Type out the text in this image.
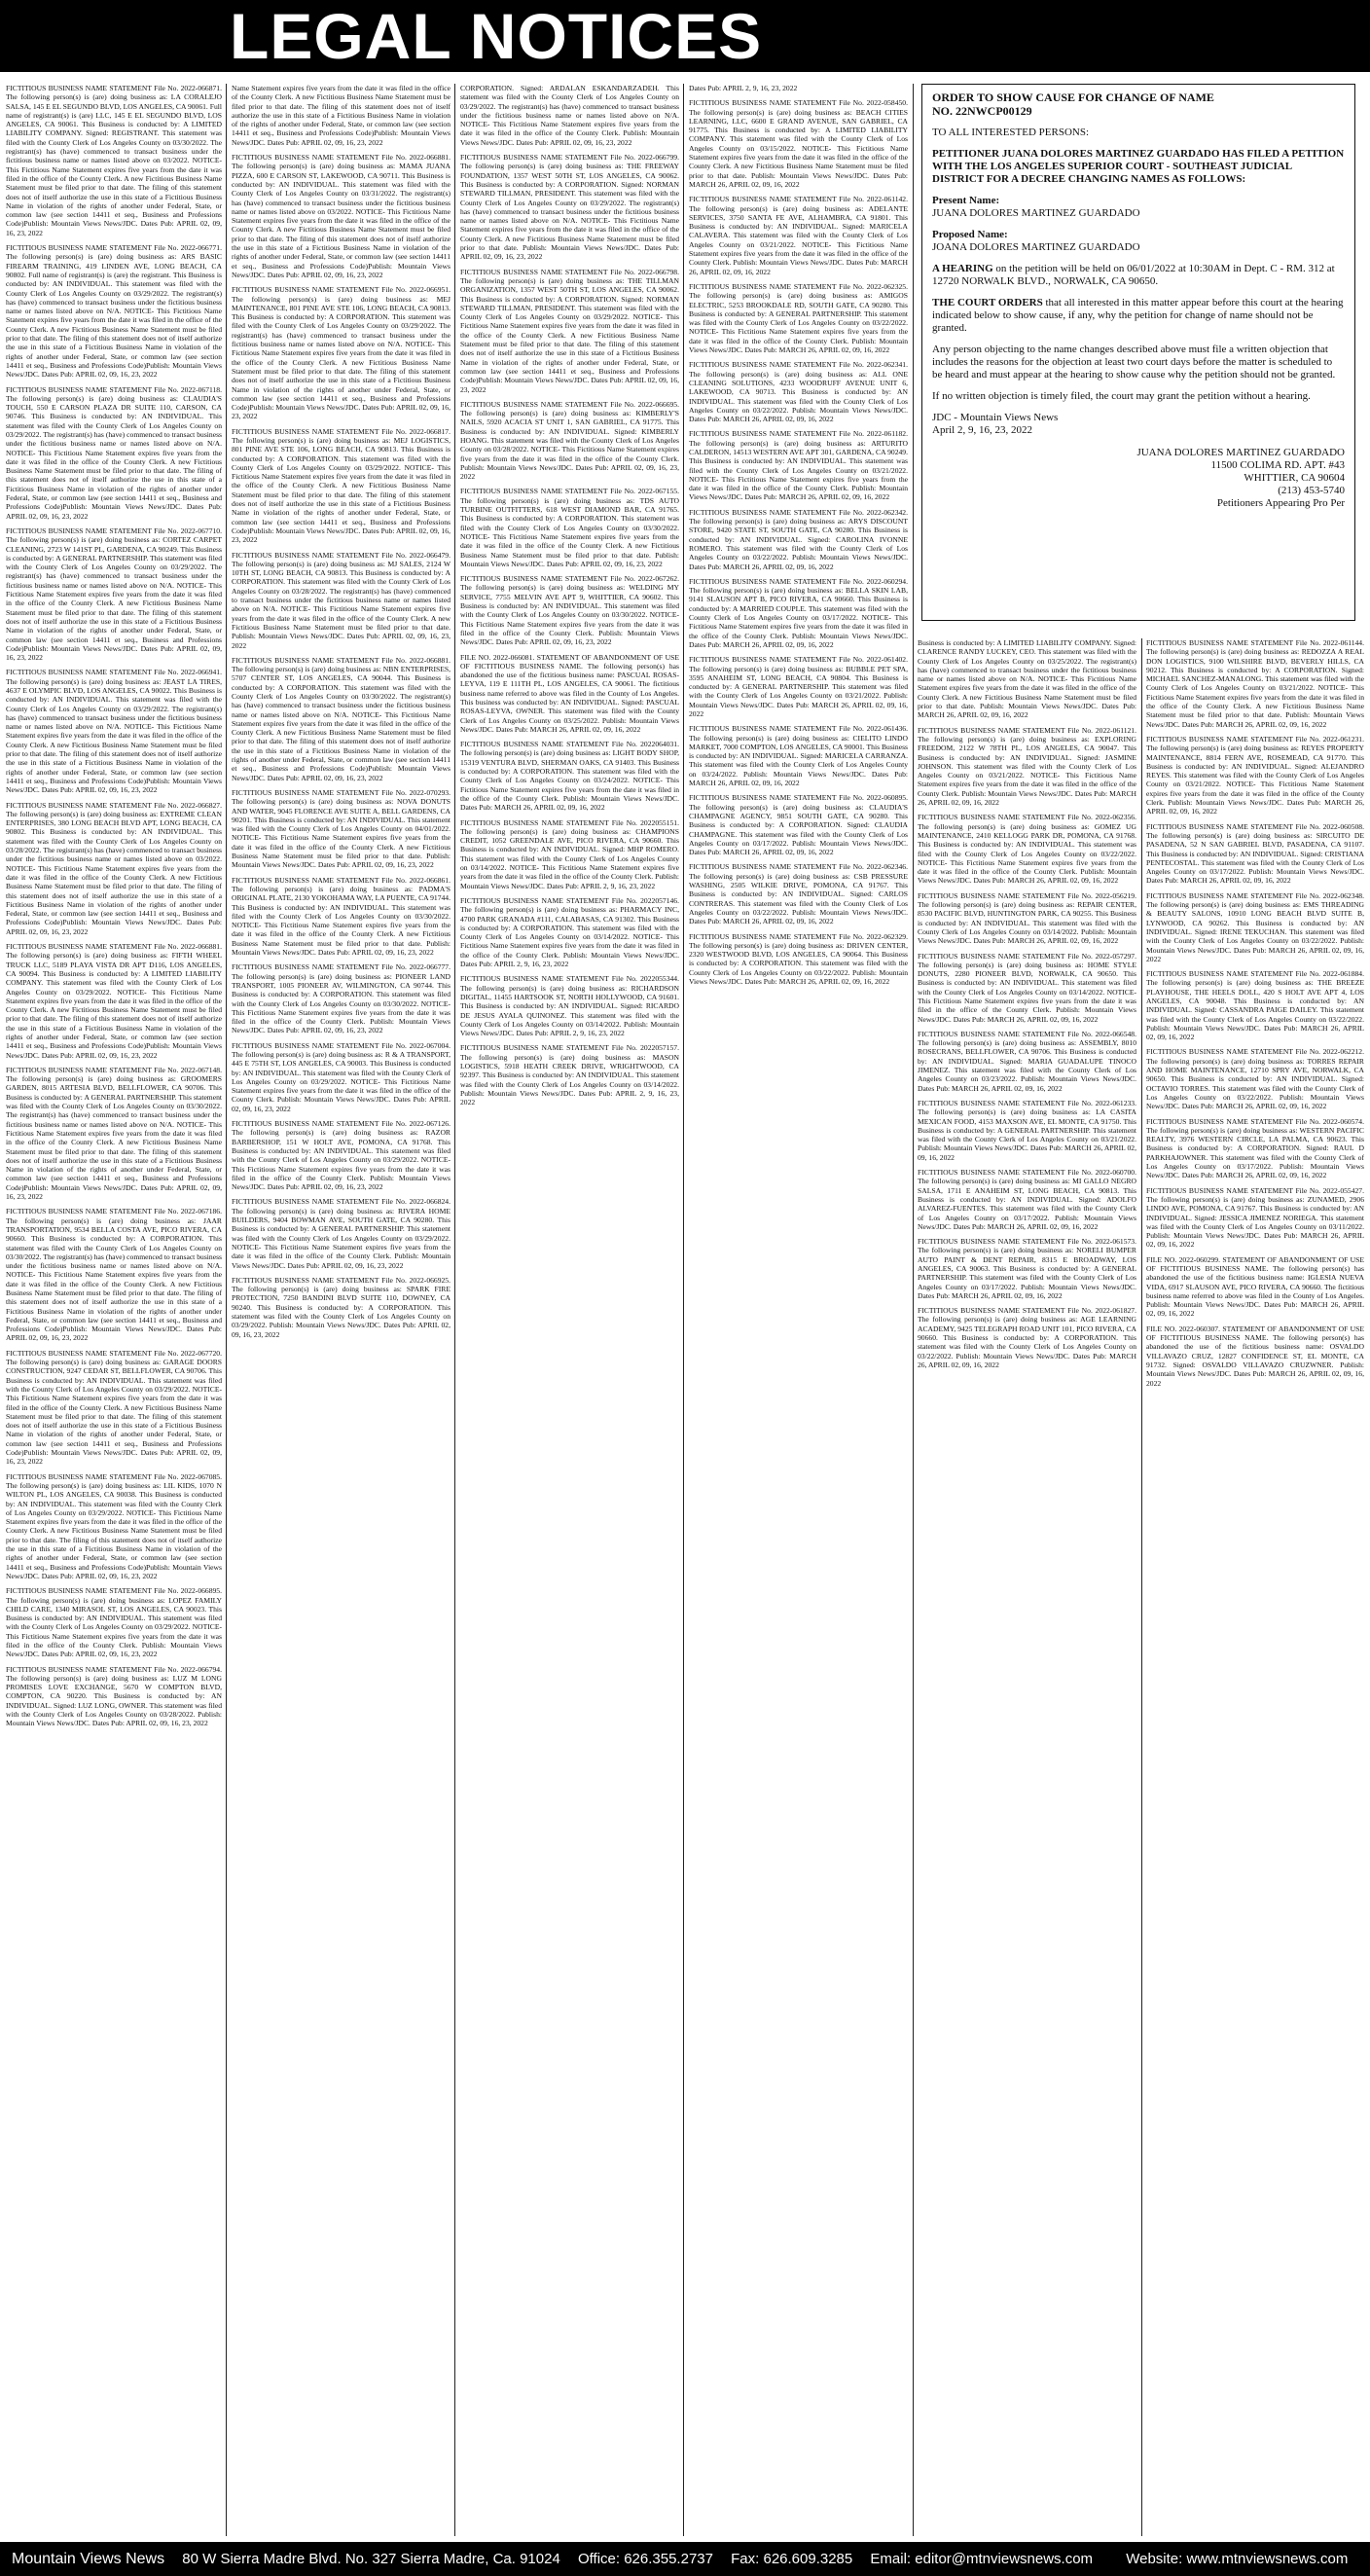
LEGAL NOTICES

FICTITIOUS BUSINESS NAME STATEMENT File No. 2022-066871. The following person(s) is (are) doing business as: LA CORALEJO SALSA, 145 E EL SEGUNDO BLVD, LOS ANGELES, CA 90061. Full name of registrant(s) is (are) LLC, 145 E EL SEGUNDO BLVD, LOS ANGELES, CA 90061. This Business is conducted by: A LIMITED LIABILITY COMPANY. Signed: REGISTRANT. This statement was filed with the County Clerk of Los Angeles County on 03/30/2022. The registrant(s) has (have) commenced to transact business under the fictitious business name or names listed above on 03/2022. NOTICE- This Fictitious Name Statement expires five years from the date it was filed in the office of the County Clerk. A new Fictitious Business Name Statement must be filed prior to that date. The filing of this statement does not of itself authorize the use in this state of a Fictitious Business Name in violation of the rights of another under Federal, State, or common law (see section 14411 et seq., Business and Professions Code)Publish: Mountain Views News/JDC. Dates Pub: APRIL 02, 09, 16, 23, 2022

FICTITIOUS BUSINESS NAME STATEMENT File No. 2022-066771. The following person(s) is (are) doing business as: ARS BASIC FIREARM TRAINING, 419 LINDEN AVE, LONG BEACH, CA 90802. Full name of registrant(s) is (are) the registrant. This Business is conducted by: AN INDIVIDUAL. This statement was filed with the County Clerk of Los Angeles County on 03/29/2022. The registrant(s) has (have) commenced to transact business under the fictitious business name or names listed above on N/A. NOTICE- This Fictitious Name Statement expires five years from the date it was filed in the office of the County Clerk. A new Fictitious Business Name Statement must be filed prior to that date. The filing of this statement does not of itself authorize the use in this state of a Fictitious Business Name in violation of the rights of another under Federal, State, or common law (see section 14411 et seq., Business and Professions Code)Publish: Mountain Views News/JDC. Dates Pub: APRIL 02, 09, 16, 23, 2022

FICTITIOUS BUSINESS NAME STATEMENT File No. 2022-067118. The following person(s) is (are) doing business as: CLAUDIA'S TOUCH, 550 E CARSON PLAZA DR SUITE 110, CARSON, CA 90746. This Business is conducted by: AN INDIVIDUAL. This statement was filed with the County Clerk of Los Angeles County on 03/29/2022. The registrant(s) has (have) commenced to transact business under the fictitious business name or names listed above on N/A. NOTICE- This Fictitious Name Statement expires five years from the date it was filed in the office of the County Clerk. A new Fictitious Business Name Statement must be filed prior to that date. The filing of this statement does not of itself authorize the use in this state of a Fictitious Business Name in violation of the rights of another under Federal, State, or common law (see section 14411 et seq., Business and Professions Code)Publish: Mountain Views News/JDC. Dates Pub: APRIL 02, 09, 16, 23, 2022

FICTITIOUS BUSINESS NAME STATEMENT File No. 2022-067710. The following person(s) is (are) doing business as: CORTEZ CARPET CLEANING, 2723 W 141ST PL, GARDENA, CA 90249. This Business is conducted by: A GENERAL PARTNERSHIP. This statement was filed with the County Clerk of Los Angeles County on 03/29/2022. The registrant(s) has (have) commenced to transact business under the fictitious business name or names listed above on N/A. NOTICE- This Fictitious Name Statement expires five years from the date it was filed in the office of the County Clerk. A new Fictitious Business Name Statement must be filed prior to that date. The filing of this statement does not of itself authorize the use in this state of a Fictitious Business Name in violation of the rights of another under Federal, State, or common law (see section 14411 et seq., Business and Professions Code)Publish: Mountain Views News/JDC. Dates Pub: APRIL 02, 09, 16, 23, 2022

FICTITIOUS BUSINESS NAME STATEMENT File No. 2022-066941. The following person(s) is (are) doing business as: JEAST LA TIRES, 4637 E OLYMPIC BLVD, LOS ANGELES, CA 90022. This Business is conducted by: AN INDIVIDUAL. This statement was filed with the County Clerk of Los Angeles County on 03/29/2022. The registrant(s) has (have) commenced to transact business under the fictitious business name or names listed above on N/A. NOTICE- This Fictitious Name Statement expires five years from the date it was filed in the office of the County Clerk. A new Fictitious Business Name Statement must be filed prior to that date. The filing of this statement does not of itself authorize the use in this state of a Fictitious Business Name in violation of the rights of another under Federal, State, or common law (see section 14411 et seq., Business and Professions Code)Publish: Mountain Views News/JDC. Dates Pub: APRIL 02, 09, 16, 23, 2022

FICTITIOUS BUSINESS NAME STATEMENT File No. 2022-066827. The following person(s) is (are) doing business as: EXTREME CLEAN ENTERPRISES, 380 LONG BEACH BLVD APT, LONG BEACH, CA 90802. This Business is conducted by: AN INDIVIDUAL. This statement was filed with the County Clerk of Los Angeles County on 03/28/2022. The registrant(s) has (have) commenced to transact business under the fictitious business name or names listed above on 03/2022. NOTICE- This Fictitious Name Statement expires five years from the date it was filed in the office of the County Clerk. A new Fictitious Business Name Statement must be filed prior to that date. The filing of this statement does not of itself authorize the use in this state of a Fictitious Business Name in violation of the rights of another under Federal, State, or common law (see section 14411 et seq., Business and Professions Code)Publish: Mountain Views News/JDC. Dates Pub: APRIL 02, 09, 16, 23, 2022

FICTITIOUS BUSINESS NAME STATEMENT File No. 2022-066881. The following person(s) is (are) doing business as: FIFTH WHEEL TRUCK LLC, 5189 PLAYA VISTA DR APT D116, LOS ANGELES, CA 90094. This Business is conducted by: A LIMITED LIABILITY COMPANY. This statement was filed with the County Clerk of Los Angeles County on 03/29/2022. NOTICE- This Fictitious Name Statement expires five years from the date it was filed in the office of the County Clerk. A new Fictitious Business Name Statement must be filed prior to that date. The filing of this statement does not of itself authorize the use in this state of a Fictitious Business Name in violation of the rights of another under Federal, State, or common law (see section 14411 et seq., Business and Professions Code)Publish: Mountain Views News/JDC. Dates Pub: APRIL 02, 09, 16, 23, 2022

FICTITIOUS BUSINESS NAME STATEMENT File No. 2022-067148. The following person(s) is (are) doing business as: GROOMERS GARDEN, 8015 ARTESIA BLVD, BELLFLOWER, CA 90706. This Business is conducted by: A GENERAL PARTNERSHIP. This statement was filed with the County Clerk of Los Angeles County on 03/30/2022. The registrant(s) has (have) commenced to transact business under the fictitious business name or names listed above on N/A. NOTICE- This Fictitious Name Statement expires five years from the date it was filed in the office of the County Clerk. A new Fictitious Business Name Statement must be filed prior to that date. The filing of this statement does not of itself authorize the use in this state of a Fictitious Business Name in violation of the rights of another under Federal, State, or common law (see section 14411 et seq., Business and Professions Code)Publish: Mountain Views News/JDC. Dates Pub: APRIL 02, 09, 16, 23, 2022

FICTITIOUS BUSINESS NAME STATEMENT File No. 2022-067186. The following person(s) is (are) doing business as: JAAR TRANSPORTATION, 9534 BELLA COSTA AVE, PICO RIVERA, CA 90660. This Business is conducted by: A CORPORATION. This statement was filed with the County Clerk of Los Angeles County on 03/30/2022. The registrant(s) has (have) commenced to transact business under the fictitious business name or names listed above on N/A. NOTICE- This Fictitious Name Statement expires five years from the date it was filed in the office of the County Clerk. A new Fictitious Business Name Statement must be filed prior to that date. The filing of this statement does not of itself authorize the use in this state of a Fictitious Business Name in violation of the rights of another under Federal, State, or common law (see section 14411 et seq., Business and Professions Code)Publish: Mountain Views News/JDC. Dates Pub: APRIL 02, 09, 16, 23, 2022

FICTITIOUS BUSINESS NAME STATEMENT File No. 2022-067720. The following person(s) is (are) doing business as: GARAGE DOORS CONSTRUCTION, 9247 CEDAR ST, BELLFLOWER, CA 90706. This Business is conducted by: AN INDIVIDUAL. This statement was filed with the County Clerk of Los Angeles County on 03/29/2022. NOTICE- This Fictitious Name Statement expires five years from the date it was filed in the office of the County Clerk. A new Fictitious Business Name Statement must be filed prior to that date. The filing of this statement does not of itself authorize the use in this state of a Fictitious Business Name in violation of the rights of another under Federal, State, or common law (see section 14411 et seq., Business and Professions Code)Publish: Mountain Views News/JDC. Dates Pub: APRIL 02, 09, 16, 23, 2022

FICTITIOUS BUSINESS NAME STATEMENT File No. 2022-067085. The following person(s) is (are) doing business as: LIL KIDS, 1070 N WILTON PL, LOS ANGELES, CA 90038. This Business is conducted by: AN INDIVIDUAL. This statement was filed with the County Clerk of Los Angeles County on 03/29/2022. NOTICE- This Fictitious Name Statement expires five years from the date it was filed in the office of the County Clerk. A new Fictitious Business Name Statement must be filed prior to that date. The filing of this statement does not of itself authorize the use in this state of a Fictitious Business Name in violation of the rights of another under Federal, State, or common law (see section 14411 et seq., Business and Professions Code)Publish: Mountain Views News/JDC. Dates Pub: APRIL 02, 09, 16, 23, 2022

FICTITIOUS BUSINESS NAME STATEMENT File No. 2022-066895. The following person(s) is (are) doing business as: LOPEZ FAMILY CHILD CARE, 1340 MIRASOL ST, LOS ANGELES, CA 90023. This Business is conducted by: AN INDIVIDUAL. This statement was filed with the County Clerk of Los Angeles County on 03/29/2022. NOTICE- This Fictitious Name Statement expires five years from the date it was filed in the office of the County Clerk. Publish: Mountain Views News/JDC. Dates Pub: APRIL 02, 09, 16, 23, 2022

FICTITIOUS BUSINESS NAME STATEMENT File No. 2022-066794. The following person(s) is (are) doing business as: LUZ M LONG PROMISES LOVE EXCHANGE, 5670 W COMPTON BLVD, COMPTON, CA 90220. This Business is conducted by: AN INDIVIDUAL. Signed: LUZ LONG, OWNER. This statement was filed with the County Clerk of Los Angeles County on 03/28/2022. Publish: Mountain Views News/JDC. Dates Pub: APRIL 02, 09, 16, 23, 2022

Name Statement expires five years from the date it was filed in the office of the County Clerk. A new Fictitious Business Name Statement must be filed prior to that date. The filing of this statement does not of itself authorize the use in this state of a Fictitious Business Name in violation of the rights of another under Federal, State, or common law (see section 14411 et seq., Business and Professions Code)Publish: Mountain Views News/JDC. Dates Pub: APRIL 02, 09, 16, 23, 2022

FICTITIOUS BUSINESS NAME STATEMENT File No. 2022-066881. The following person(s) is (are) doing business as: MAMA JUANA PIZZA, 600 E CARSON ST, LAKEWOOD, CA 90711. This Business is conducted by: AN INDIVIDUAL. This statement was filed with the County Clerk of Los Angeles County on 03/31/2022. The registrant(s) has (have) commenced to transact business under the fictitious business name or names listed above on 03/2022. NOTICE- This Fictitious Name Statement expires five years from the date it was filed in the office of the County Clerk. A new Fictitious Business Name Statement must be filed prior to that date. The filing of this statement does not of itself authorize the use in this state of a Fictitious Business Name in violation of the rights of another under Federal, State, or common law (see section 14411 et seq., Business and Professions Code)Publish: Mountain Views News/JDC. Dates Pub: APRIL 02, 09, 16, 23, 2022

FICTITIOUS BUSINESS NAME STATEMENT File No. 2022-066951. The following person(s) is (are) doing business as: MEJ MAINTENANCE, 801 PINE AVE STE 106, LONG BEACH, CA 90813. This Business is conducted by: A CORPORATION. This statement was filed with the County Clerk of Los Angeles County on 03/29/2022. The registrant(s) has (have) commenced to transact business under the fictitious business name or names listed above on N/A. NOTICE- This Fictitious Name Statement expires five years from the date it was filed in the office of the County Clerk. A new Fictitious Business Name Statement must be filed prior to that date. The filing of this statement does not of itself authorize the use in this state of a Fictitious Business Name in violation of the rights of another under Federal, State, or common law (see section 14411 et seq., Business and Professions Code)Publish: Mountain Views News/JDC. Dates Pub: APRIL 02, 09, 16, 23, 2022

FICTITIOUS BUSINESS NAME STATEMENT File No. 2022-066817. The following person(s) is (are) doing business as: MEJ LOGISTICS, 801 PINE AVE STE 106, LONG BEACH, CA 90813. This Business is conducted by: A CORPORATION. This statement was filed with the County Clerk of Los Angeles County on 03/29/2022. NOTICE- This Fictitious Name Statement expires five years from the date it was filed in the office of the County Clerk. A new Fictitious Business Name Statement must be filed prior to that date. The filing of this statement does not of itself authorize the use in this state of a Fictitious Business Name in violation of the rights of another under Federal, State, or common law (see section 14411 et seq., Business and Professions Code)Publish: Mountain Views News/JDC. Dates Pub: APRIL 02, 09, 16, 23, 2022

FICTITIOUS BUSINESS NAME STATEMENT File No. 2022-066479. The following person(s) is (are) doing business as: MJ SALES, 2124 W 10TH ST, LONG BEACH, CA 90813. This Business is conducted by: A CORPORATION. This statement was filed with the County Clerk of Los Angeles County on 03/28/2022. The registrant(s) has (have) commenced to transact business under the fictitious business name or names listed above on N/A. NOTICE- This Fictitious Name Statement expires five years from the date it was filed in the office of the County Clerk. A new Fictitious Business Name Statement must be filed prior to that date. Publish: Mountain Views News/JDC. Dates Pub: APRIL 02, 09, 16, 23, 2022

FICTITIOUS BUSINESS NAME STATEMENT File No. 2022-066881. The following person(s) is (are) doing business as: NBN ENTERPRISES, 5707 CENTER ST, LOS ANGELES, CA 90044. This Business is conducted by: A CORPORATION. This statement was filed with the County Clerk of Los Angeles County on 03/30/2022. The registrant(s) has (have) commenced to transact business under the fictitious business name or names listed above on N/A. NOTICE- This Fictitious Name Statement expires five years from the date it was filed in the office of the County Clerk. A new Fictitious Business Name Statement must be filed prior to that date. The filing of this statement does not of itself authorize the use in this state of a Fictitious Business Name in violation of the rights of another under Federal, State, or common law (see section 14411 et seq., Business and Professions Code)Publish: Mountain Views News/JDC. Dates Pub: APRIL 02, 09, 16, 23, 2022

FICTITIOUS BUSINESS NAME STATEMENT File No. 2022-070293. The following person(s) is (are) doing business as: NOVA DONUTS AND WATER, 9045 FLORENCE AVE SUITE A, BELL GARDENS, CA 90201. This Business is conducted by: AN INDIVIDUAL. This statement was filed with the County Clerk of Los Angeles County on 04/01/2022. NOTICE- This Fictitious Name Statement expires five years from the date it was filed in the office of the County Clerk. A new Fictitious Business Name Statement must be filed prior to that date. Publish: Mountain Views News/JDC. Dates Pub: APRIL 02, 09, 16, 23, 2022

FICTITIOUS BUSINESS NAME STATEMENT File No. 2022-066861. The following person(s) is (are) doing business as: PADMA'S ORIGINAL PLATE, 2130 YOKOHAMA WAY, LA PUENTE, CA 91744. This Business is conducted by: AN INDIVIDUAL. This statement was filed with the County Clerk of Los Angeles County on 03/30/2022. NOTICE- This Fictitious Name Statement expires five years from the date it was filed in the office of the County Clerk. A new Fictitious Business Name Statement must be filed prior to that date. Publish: Mountain Views News/JDC. Dates Pub: APRIL 02, 09, 16, 23, 2022

FICTITIOUS BUSINESS NAME STATEMENT File No. 2022-066777. The following person(s) is (are) doing business as: PIONEER LAND TRANSPORT, 1005 PIONEER AV, WILMINGTON, CA 90744. This Business is conducted by: A CORPORATION. This statement was filed with the County Clerk of Los Angeles County on 03/30/2022. NOTICE- This Fictitious Name Statement expires five years from the date it was filed in the office of the County Clerk. Publish: Mountain Views News/JDC. Dates Pub: APRIL 02, 09, 16, 23, 2022

FICTITIOUS BUSINESS NAME STATEMENT File No. 2022-067004. The following person(s) is (are) doing business as: R & A TRANSPORT, 445 E 75TH ST, LOS ANGELES, CA 90003. This Business is conducted by: AN INDIVIDUAL. This statement was filed with the County Clerk of Los Angeles County on 03/29/2022. NOTICE- This Fictitious Name Statement expires five years from the date it was filed in the office of the County Clerk. Publish: Mountain Views News/JDC. Dates Pub: APRIL 02, 09, 16, 23, 2022

FICTITIOUS BUSINESS NAME STATEMENT File No. 2022-067126. The following person(s) is (are) doing business as: RAZOR BARBERSHOP, 151 W HOLT AVE, POMONA, CA 91768. This Business is conducted by: AN INDIVIDUAL. This statement was filed with the County Clerk of Los Angeles County on 03/29/2022. NOTICE- This Fictitious Name Statement expires five years from the date it was filed in the office of the County Clerk. Publish: Mountain Views News/JDC. Dates Pub: APRIL 02, 09, 16, 23, 2022

FICTITIOUS BUSINESS NAME STATEMENT File No. 2022-066824. The following person(s) is (are) doing business as: RIVERA HOME BUILDERS, 9404 BOWMAN AVE, SOUTH GATE, CA 90280. This Business is conducted by: A GENERAL PARTNERSHIP. This statement was filed with the County Clerk of Los Angeles County on 03/29/2022. NOTICE- This Fictitious Name Statement expires five years from the date it was filed in the office of the County Clerk. Publish: Mountain Views News/JDC. Dates Pub: APRIL 02, 09, 16, 23, 2022

FICTITIOUS BUSINESS NAME STATEMENT File No. 2022-066925. The following person(s) is (are) doing business as: SPARK FIRE PROTECTION, 7250 BANDINI BLVD SUITE 110, DOWNEY, CA 90240. This Business is conducted by: A CORPORATION. This statement was filed with the County Clerk of Los Angeles County on 03/29/2022. Publish: Mountain Views News/JDC. Dates Pub: APRIL 02, 09, 16, 23, 2022

CORPORATION. Signed: ARDALAN ESKANDARZADEH. This statement was filed with the County Clerk of Los Angeles County on 03/29/2022. The registrant(s) has (have) commenced to transact business under the fictitious business name or names listed above on N/A. NOTICE- This Fictitious Name Statement expires five years from the date it was filed in the office of the County Clerk. Publish: Mountain Views News/JDC. Dates Pub: APRIL 02, 09, 16, 23, 2022

FICTITIOUS BUSINESS NAME STATEMENT File No. 2022-066799. The following person(s) is (are) doing business as: THE FREEWAY FOUNDATION, 1357 WEST 50TH ST, LOS ANGELES, CA 90062. This Business is conducted by: A CORPORATION. Signed: NORMAN STEWARD TILLMAN, PRESIDENT. This statement was filed with the County Clerk of Los Angeles County on 03/29/2022. The registrant(s) has (have) commenced to transact business under the fictitious business name or names listed above on N/A. NOTICE- This Fictitious Name Statement expires five years from the date it was filed in the office of the County Clerk. A new Fictitious Business Name Statement must be filed prior to that date. Publish: Mountain Views News/JDC. Dates Pub: APRIL 02, 09, 16, 23, 2022

FICTITIOUS BUSINESS NAME STATEMENT File No. 2022-066798. The following person(s) is (are) doing business as: THE TILLMAN ORGANIZATION, 1357 WEST 50TH ST, LOS ANGELES, CA 90062. This Business is conducted by: A CORPORATION. Signed: NORMAN STEWARD TILLMAN, PRESIDENT. This statement was filed with the County Clerk of Los Angeles County on 03/29/2022. NOTICE- This Fictitious Name Statement expires five years from the date it was filed in the office of the County Clerk. A new Fictitious Business Name Statement must be filed prior to that date. The filing of this statement does not of itself authorize the use in this state of a Fictitious Business Name in violation of the rights of another under Federal, State, or common law (see section 14411 et seq., Business and Professions Code)Publish: Mountain Views News/JDC. Dates Pub: APRIL 02, 09, 16, 23, 2022

FICTITIOUS BUSINESS NAME STATEMENT File No. 2022-066695. The following person(s) is (are) doing business as: KIMBERLY'S NAILS, 5920 ACACIA ST UNIT 1, SAN GABRIEL, CA 91775. This Business is conducted by: AN INDIVIDUAL. Signed: KIMBERLY HOANG. This statement was filed with the County Clerk of Los Angeles County on 03/28/2022. NOTICE- This Fictitious Name Statement expires five years from the date it was filed in the office of the County Clerk. Publish: Mountain Views News/JDC. Dates Pub: APRIL 02, 09, 16, 23, 2022

FICTITIOUS BUSINESS NAME STATEMENT File No. 2022-067155. The following person(s) is (are) doing business as: TDS AUTO TURBINE OUTFITTERS, 618 WEST DIAMOND BAR, CA 91765. This Business is conducted by: A CORPORATION. This statement was filed with the County Clerk of Los Angeles County on 03/30/2022. NOTICE- This Fictitious Name Statement expires five years from the date it was filed in the office of the County Clerk. A new Fictitious Business Name Statement must be filed prior to that date. Publish: Mountain Views News/JDC. Dates Pub: APRIL 02, 09, 16, 23, 2022

FICTITIOUS BUSINESS NAME STATEMENT File No. 2022-067262. The following person(s) is (are) doing business as: WELDING MY SERVICE, 7755 MELVIN AVE APT 9, WHITTIER, CA 90602. This Business is conducted by: AN INDIVIDUAL. This statement was filed with the County Clerk of Los Angeles County on 03/30/2022. NOTICE- This Fictitious Name Statement expires five years from the date it was filed in the office of the County Clerk. Publish: Mountain Views News/JDC. Dates Pub: APRIL 02, 09, 16, 23, 2022

FILE NO. 2022-066081. STATEMENT OF ABANDONMENT OF USE OF FICTITIOUS BUSINESS NAME. The following person(s) has abandoned the use of the fictitious business name: PASCUAL ROSAS-LEYVA, 119 E 111TH PL, LOS ANGELES, CA 90061. The fictitious business name referred to above was filed in the County of Los Angeles. This business was conducted by: AN INDIVIDUAL. Signed: PASCUAL ROSAS-LEYVA, OWNER. This statement was filed with the County Clerk of Los Angeles County on 03/25/2022. Publish: Mountain Views News/JDC. Dates Pub: MARCH 26, APRIL 02, 09, 16, 2022

FICTITIOUS BUSINESS NAME STATEMENT File No. 2022064031. The following person(s) is (are) doing business as: LIGHT BODY SHOP, 15319 VENTURA BLVD, SHERMAN OAKS, CA 91403. This Business is conducted by: A CORPORATION. This statement was filed with the County Clerk of Los Angeles County on 03/24/2022. NOTICE- This Fictitious Name Statement expires five years from the date it was filed in the office of the County Clerk. Publish: Mountain Views News/JDC. Dates Pub: MARCH 26, APRIL 02, 09, 16, 2022

FICTITIOUS BUSINESS NAME STATEMENT File No. 2022055151. The following person(s) is (are) doing business as: CHAMPIONS CREDIT, 1052 GREENDALE AVE, PICO RIVERA, CA 90660. This Business is conducted by: AN INDIVIDUAL. Signed: MHP ROMERO. This statement was filed with the County Clerk of Los Angeles County on 03/14/2022. NOTICE- This Fictitious Name Statement expires five years from the date it was filed in the office of the County Clerk. Publish: Mountain Views News/JDC. Dates Pub: APRIL 2, 9, 16, 23, 2022

FICTITIOUS BUSINESS NAME STATEMENT File No. 2022057146. The following person(s) is (are) doing business as: PHARMACY INC, 4700 PARK GRANADA #111, CALABASAS, CA 91302. This Business is conducted by: A CORPORATION. This statement was filed with the County Clerk of Los Angeles County on 03/14/2022. NOTICE- This Fictitious Name Statement expires five years from the date it was filed in the office of the County Clerk. Publish: Mountain Views News/JDC. Dates Pub: APRIL 2, 9, 16, 23, 2022

FICTITIOUS BUSINESS NAME STATEMENT File No. 2022055344. The following person(s) is (are) doing business as: RICHARDSON DIGITAL, 11455 HARTSOOK ST, NORTH HOLLYWOOD, CA 91601. This Business is conducted by: AN INDIVIDUAL. Signed: RICARDO DE JESUS AYALA QUINONEZ. This statement was filed with the County Clerk of Los Angeles County on 03/14/2022. Publish: Mountain Views News/JDC. Dates Pub: APRIL 2, 9, 16, 23, 2022

FICTITIOUS BUSINESS NAME STATEMENT File No. 2022057157. The following person(s) is (are) doing business as: MASON LOGISTICS, 5918 HEATH CREEK DRIVE, WRIGHTWOOD, CA 92397. This Business is conducted by: AN INDIVIDUAL. This statement was filed with the County Clerk of Los Angeles County on 03/14/2022. Publish: Mountain Views News/JDC. Dates Pub: APRIL 2, 9, 16, 23, 2022

Dates Pub: APRIL 2, 9, 16, 23, 2022

FICTITIOUS BUSINESS NAME STATEMENT File No. 2022-058450. The following person(s) is (are) doing business as: BEACH CITIES LEARNING, LLC, 6600 E GRAND AVENUE, SAN GABRIEL, CA 91775. This Business is conducted by: A LIMITED LIABILITY COMPANY. This statement was filed with the County Clerk of Los Angeles County on 03/15/2022. NOTICE- This Fictitious Name Statement expires five years from the date it was filed in the office of the County Clerk. A new Fictitious Business Name Statement must be filed prior to that date. Publish: Mountain Views News/JDC. Dates Pub: MARCH 26, APRIL 02, 09, 16, 2022

FICTITIOUS BUSINESS NAME STATEMENT File No. 2022-061142. The following person(s) is (are) doing business as: ADELANTE SERVICES, 3750 SANTA FE AVE, ALHAMBRA, CA 91801. This Business is conducted by: AN INDIVIDUAL. Signed: MARICELA CALAVERA. This statement was filed with the County Clerk of Los Angeles County on 03/21/2022. NOTICE- This Fictitious Name Statement expires five years from the date it was filed in the office of the County Clerk. Publish: Mountain Views News/JDC. Dates Pub: MARCH 26, APRIL 02, 09, 16, 2022

FICTITIOUS BUSINESS NAME STATEMENT File No. 2022-062325. The following person(s) is (are) doing business as: AMIGOS ELECTRIC, 5253 BROOKDALE RD, SOUTH GATE, CA 90280. This Business is conducted by: A GENERAL PARTNERSHIP. This statement was filed with the County Clerk of Los Angeles County on 03/22/2022. NOTICE- This Fictitious Name Statement expires five years from the date it was filed in the office of the County Clerk. Publish: Mountain Views News/JDC. Dates Pub: MARCH 26, APRIL 02, 09, 16, 2022

FICTITIOUS BUSINESS NAME STATEMENT File No. 2022-062341. The following person(s) is (are) doing business as: ALL ONE CLEANING SOLUTIONS, 4233 WOODRUFF AVENUE UNIT 6, LAKEWOOD, CA 90713. This Business is conducted by: AN INDIVIDUAL. This statement was filed with the County Clerk of Los Angeles County on 03/22/2022. Publish: Mountain Views News/JDC. Dates Pub: MARCH 26, APRIL 02, 09, 16, 2022

FICTITIOUS BUSINESS NAME STATEMENT File No. 2022-061182. The following person(s) is (are) doing business as: ARTURITO CALDERON, 14513 WESTERN AVE APT 301, GARDENA, CA 90249. This Business is conducted by: AN INDIVIDUAL. This statement was filed with the County Clerk of Los Angeles County on 03/21/2022. NOTICE- This Fictitious Name Statement expires five years from the date it was filed in the office of the County Clerk. Publish: Mountain Views News/JDC. Dates Pub: MARCH 26, APRIL 02, 09, 16, 2022

FICTITIOUS BUSINESS NAME STATEMENT File No. 2022-062342. The following person(s) is (are) doing business as: ARYS DISCOUNT STORE, 9420 STATE ST, SOUTH GATE, CA 90280. This Business is conducted by: AN INDIVIDUAL. Signed: CAROLINA IVONNE ROMERO. This statement was filed with the County Clerk of Los Angeles County on 03/22/2022. Publish: Mountain Views News/JDC. Dates Pub: MARCH 26, APRIL 02, 09, 16, 2022

FICTITIOUS BUSINESS NAME STATEMENT File No. 2022-060294. The following person(s) is (are) doing business as: BELLA SKIN LAB, 9141 SLAUSON APT B, PICO RIVERA, CA 90660. This Business is conducted by: A MARRIED COUPLE. This statement was filed with the County Clerk of Los Angeles County on 03/17/2022. NOTICE- This Fictitious Name Statement expires five years from the date it was filed in the office of the County Clerk. Publish: Mountain Views News/JDC. Dates Pub: MARCH 26, APRIL 02, 09, 16, 2022

FICTITIOUS BUSINESS NAME STATEMENT File No. 2022-061402. The following person(s) is (are) doing business as: BUBBLE PET SPA, 3595 ANAHEIM ST, LONG BEACH, CA 90804. This Business is conducted by: A GENERAL PARTNERSHIP. This statement was filed with the County Clerk of Los Angeles County on 03/21/2022. Publish: Mountain Views News/JDC. Dates Pub: MARCH 26, APRIL 02, 09, 16, 2022

FICTITIOUS BUSINESS NAME STATEMENT File No. 2022-061436. The following person(s) is (are) doing business as: CIELITO LINDO MARKET, 7000 COMPTON, LOS ANGELES, CA 90001. This Business is conducted by: AN INDIVIDUAL. Signed: MARICELA CARRANZA. This statement was filed with the County Clerk of Los Angeles County on 03/24/2022. Publish: Mountain Views News/JDC. Dates Pub: MARCH 26, APRIL 02, 09, 16, 2022

FICTITIOUS BUSINESS NAME STATEMENT File No. 2022-060895. The following person(s) is (are) doing business as: CLAUDIA'S CHAMPAGNE AGENCY, 9851 SOUTH GATE, CA 90280. This Business is conducted by: A CORPORATION. Signed: CLAUDIA CHAMPAGNE. This statement was filed with the County Clerk of Los Angeles County on 03/17/2022. Publish: Mountain Views News/JDC. Dates Pub: MARCH 26, APRIL 02, 09, 16, 2022

FICTITIOUS BUSINESS NAME STATEMENT File No. 2022-062346. The following person(s) is (are) doing business as: CSB PRESSURE WASHING, 2505 WILKIE DRIVE, POMONA, CA 91767. This Business is conducted by: AN INDIVIDUAL. Signed: CARLOS CONTRERAS. This statement was filed with the County Clerk of Los Angeles County on 03/22/2022. Publish: Mountain Views News/JDC. Dates Pub: MARCH 26, APRIL 02, 09, 16, 2022

FICTITIOUS BUSINESS NAME STATEMENT File No. 2022-062329. The following person(s) is (are) doing business as: DRIVEN CENTER, 2320 WESTWOOD BLVD, LOS ANGELES, CA 90064. This Business is conducted by: A CORPORATION. This statement was filed with the County Clerk of Los Angeles County on 03/22/2022. Publish: Mountain Views News/JDC. Dates Pub: MARCH 26, APRIL 02, 09, 16, 2022

ORDER TO SHOW CAUSE FOR CHANGE OF NAME
NO. 22NWCP00129

TO ALL INTERESTED PERSONS:

PETITIONER JUANA DOLORES MARTINEZ GUARDADO HAS FILED A PETITION WITH THE LOS ANGELES SUPERIOR COURT - SOUTHEAST JUDICIAL DISTRICT FOR A DECREE CHANGING NAMES AS FOLLOWS:

Present Name:

JUANA DOLORES MARTINEZ GUARDADO

Proposed Name:

JOANA DOLORES MARTINEZ GUARDADO

A HEARING on the petition will be held on 06/01/2022 at 10:30AM in Dept. C - RM. 312 at 12720 NORWALK BLVD., NORWALK, CA 90650.

THE COURT ORDERS that all interested in this matter appear before this court at the hearing indicated below to show cause, if any, why the petition for change of name should not be granted.

Any person objecting to the name changes described above must file a written objection that includes the reasons for the objection at least two court days before the matter is scheduled to be heard and must appear at the hearing to show cause why the petition should not be granted.

If no written objection is timely filed, the court may grant the petition without a hearing.

JDC - Mountain Views News
April 2, 9, 16, 23, 2022
JUANA DOLORES MARTINEZ GUARDADO
11500 COLIMA RD. APT. #43
WHITTIER, CA 90604
(213) 453-5740
Petitioners Appearing Pro Per

Business is conducted by: A LIMITED LIABILITY COMPANY. Signed: CLARENCE RANDY LUCKEY, CEO. This statement was filed with the County Clerk of Los Angeles County on 03/25/2022. The registrant(s) has (have) commenced to transact business under the fictitious business name or names listed above on N/A. NOTICE- This Fictitious Name Statement expires five years from the date it was filed in the office of the County Clerk. A new Fictitious Business Name Statement must be filed prior to that date. Publish: Mountain Views News/JDC. Dates Pub: MARCH 26, APRIL 02, 09, 16, 2022

FICTITIOUS BUSINESS NAME STATEMENT File No. 2022-061121. The following person(s) is (are) doing business as: EXPLORING FREEDOM, 2122 W 78TH PL, LOS ANGELES, CA 90047. This Business is conducted by: AN INDIVIDUAL. Signed: JASMINE JOHNSON. This statement was filed with the County Clerk of Los Angeles County on 03/21/2022. NOTICE- This Fictitious Name Statement expires five years from the date it was filed in the office of the County Clerk. Publish: Mountain Views News/JDC. Dates Pub: MARCH 26, APRIL 02, 09, 16, 2022

FICTITIOUS BUSINESS NAME STATEMENT File No. 2022-062356. The following person(s) is (are) doing business as: GOMEZ UG MAINTENANCE, 2410 KELLOGG PARK DR, POMONA, CA 91768. This Business is conducted by: AN INDIVIDUAL. This statement was filed with the County Clerk of Los Angeles County on 03/22/2022. NOTICE- This Fictitious Name Statement expires five years from the date it was filed in the office of the County Clerk. Publish: Mountain Views News/JDC. Dates Pub: MARCH 26, APRIL 02, 09, 16, 2022

FICTITIOUS BUSINESS NAME STATEMENT File No. 2022-056219. The following person(s) is (are) doing business as: REPAIR CENTER, 8530 PACIFIC BLVD, HUNTINGTON PARK, CA 90255. This Business is conducted by: AN INDIVIDUAL. This statement was filed with the County Clerk of Los Angeles County on 03/14/2022. Publish: Mountain Views News/JDC. Dates Pub: MARCH 26, APRIL 02, 09, 16, 2022

FICTITIOUS BUSINESS NAME STATEMENT File No. 2022-057297. The following person(s) is (are) doing business as: HOME STYLE DONUTS, 2280 PIONEER BLVD, NORWALK, CA 90650. This Business is conducted by: AN INDIVIDUAL. This statement was filed with the County Clerk of Los Angeles County on 03/14/2022. NOTICE- This Fictitious Name Statement expires five years from the date it was filed in the office of the County Clerk. Publish: Mountain Views News/JDC. Dates Pub: MARCH 26, APRIL 02, 09, 16, 2022

FICTITIOUS BUSINESS NAME STATEMENT File No. 2022-066548. The following person(s) is (are) doing business as: ASSEMBLY, 8010 ROSECRANS, BELLFLOWER, CA 90706. This Business is conducted by: AN INDIVIDUAL. Signed: MARIA GUADALUPE TINOCO JIMENEZ. This statement was filed with the County Clerk of Los Angeles County on 03/23/2022. Publish: Mountain Views News/JDC. Dates Pub: MARCH 26, APRIL 02, 09, 16, 2022

FICTITIOUS BUSINESS NAME STATEMENT File No. 2022-061233. The following person(s) is (are) doing business as: LA CASITA MEXICAN FOOD, 4153 MAXSON AVE, EL MONTE, CA 91750. This Business is conducted by: A GENERAL PARTNERSHIP. This statement was filed with the County Clerk of Los Angeles County on 03/21/2022. Publish: Mountain Views News/JDC. Dates Pub: MARCH 26, APRIL 02, 09, 16, 2022

FICTITIOUS BUSINESS NAME STATEMENT File No. 2022-060700. The following person(s) is (are) doing business as: MI GALLO NEGRO SALSA, 1711 E ANAHEIM ST, LONG BEACH, CA 90813. This Business is conducted by: AN INDIVIDUAL. Signed: ADOLFO ALVAREZ-FUENTES. This statement was filed with the County Clerk of Los Angeles County on 03/17/2022. Publish: Mountain Views News/JDC. Dates Pub: MARCH 26, APRIL 02, 09, 16, 2022

FICTITIOUS BUSINESS NAME STATEMENT File No. 2022-061573. The following person(s) is (are) doing business as: NORELI BUMPER AUTO PAINT & DENT REPAIR, 8315 E BROADWAY, LOS ANGELES, CA 90063. This Business is conducted by: A GENERAL PARTNERSHIP. This statement was filed with the County Clerk of Los Angeles County on 03/17/2022. Publish: Mountain Views News/JDC. Dates Pub: MARCH 26, APRIL 02, 09, 16, 2022

FICTITIOUS BUSINESS NAME STATEMENT File No. 2022-061827. The following person(s) is (are) doing business as: AGE LEARNING ACADEMY, 9425 TELEGRAPH ROAD UNIT 101, PICO RIVERA, CA 90660. This Business is conducted by: A CORPORATION. This statement was filed with the County Clerk of Los Angeles County on 03/22/2022. Publish: Mountain Views News/JDC. Dates Pub: MARCH 26, APRIL 02, 09, 16, 2022

FICTITIOUS BUSINESS NAME STATEMENT File No. 2022-061144. The following person(s) is (are) doing business as: REDOZZA A REAL DON LOGISTICS, 9100 WILSHIRE BLVD, BEVERLY HILLS, CA 90212. This Business is conducted by: A CORPORATION. Signed: MICHAEL SANCHEZ-MANALONG. This statement was filed with the County Clerk of Los Angeles County on 03/21/2022. NOTICE- This Fictitious Name Statement expires five years from the date it was filed in the office of the County Clerk. A new Fictitious Business Name Statement must be filed prior to that date. Publish: Mountain Views News/JDC. Dates Pub: MARCH 26, APRIL 02, 09, 16, 2022

FICTITIOUS BUSINESS NAME STATEMENT File No. 2022-061231. The following person(s) is (are) doing business as: REYES PROPERTY MAINTENANCE, 8814 FERN AVE, ROSEMEAD, CA 91770. This Business is conducted by: AN INDIVIDUAL. Signed: ALEJANDRO REYES. This statement was filed with the County Clerk of Los Angeles County on 03/21/2022. NOTICE- This Fictitious Name Statement expires five years from the date it was filed in the office of the County Clerk. Publish: Mountain Views News/JDC. Dates Pub: MARCH 26, APRIL 02, 09, 16, 2022

FICTITIOUS BUSINESS NAME STATEMENT File No. 2022-060508. The following person(s) is (are) doing business as: SIRCUITO DE PASADENA, 52 N SAN GABRIEL BLVD, PASADENA, CA 91107. This Business is conducted by: AN INDIVIDUAL. Signed: CRISTIANA PENTECOSTAL. This statement was filed with the County Clerk of Los Angeles County on 03/17/2022. Publish: Mountain Views News/JDC. Dates Pub: MARCH 26, APRIL 02, 09, 16, 2022

FICTITIOUS BUSINESS NAME STATEMENT File No. 2022-062348. The following person(s) is (are) doing business as: EMS THREADING & BEAUTY SALONS, 10910 LONG BEACH BLVD SUITE B, LYNWOOD, CA 90262. This Business is conducted by: AN INDIVIDUAL. Signed: IRENE TEKUCHAN. This statement was filed with the County Clerk of Los Angeles County on 03/22/2022. Publish: Mountain Views News/JDC. Dates Pub: MARCH 26, APRIL 02, 09, 16, 2022

FICTITIOUS BUSINESS NAME STATEMENT File No. 2022-061884. The following person(s) is (are) doing business as: THE BREEZE PLAYHOUSE, THE HEELS DOLL, 420 S HOLT AVE APT 4, LOS ANGELES, CA 90048. This Business is conducted by: AN INDIVIDUAL. Signed: CASSANDRA PAIGE DAILEY. This statement was filed with the County Clerk of Los Angeles County on 03/22/2022. Publish: Mountain Views News/JDC. Dates Pub: MARCH 26, APRIL 02, 09, 16, 2022

FICTITIOUS BUSINESS NAME STATEMENT File No. 2022-062212. The following person(s) is (are) doing business as: TORRES REPAIR AND HOME MAINTENANCE, 12710 SPRY AVE, NORWALK, CA 90650. This Business is conducted by: AN INDIVIDUAL. Signed: OCTAVIO TORRES. This statement was filed with the County Clerk of Los Angeles County on 03/22/2022. Publish: Mountain Views News/JDC. Dates Pub: MARCH 26, APRIL 02, 09, 16, 2022

FICTITIOUS BUSINESS NAME STATEMENT File No. 2022-060574. The following person(s) is (are) doing business as: WESTERN PACIFIC REALTY, 3976 WESTERN CIRCLE, LA PALMA, CA 90623. This Business is conducted by: A CORPORATION. Signed: RAUL D PARKHAJOWNER. This statement was filed with the County Clerk of Los Angeles County on 03/17/2022. Publish: Mountain Views News/JDC. Dates Pub: MARCH 26, APRIL 02, 09, 16, 2022

FICTITIOUS BUSINESS NAME STATEMENT File No. 2022-055427. The following person(s) is (are) doing business as: ZUNAMED, 2906 LINDO AVE, POMONA, CA 91767. This Business is conducted by: AN INDIVIDUAL. Signed: JESSICA JIMENEZ NORIEGA. This statement was filed with the County Clerk of Los Angeles County on 03/11/2022. Publish: Mountain Views News/JDC. Dates Pub: MARCH 26, APRIL 02, 09, 16, 2022

FILE NO. 2022-060299. STATEMENT OF ABANDONMENT OF USE OF FICTITIOUS BUSINESS NAME. The following person(s) has abandoned the use of the fictitious business name: IGLESIA NUEVA VIDA, 6917 SLAUSON AVE, PICO RIVERA, CA 90660. The fictitious business name referred to above was filed in the County of Los Angeles. Publish: Mountain Views News/JDC. Dates Pub: MARCH 26, APRIL 02, 09, 16, 2022

FILE NO. 2022-060307. STATEMENT OF ABANDONMENT OF USE OF FICTITIOUS BUSINESS NAME. The following person(s) has abandoned the use of the fictitious business name: OSVALDO VILLAVAZO CRUZ, 12827 CONFIDENCE ST, EL MONTE, CA 91732. Signed: OSVALDO VILLAVAZO CRUZWNER. Publish: Mountain Views News/JDC. Dates Pub: MARCH 26, APRIL 02, 09, 16, 2022

Mountain Views News 80 W Sierra Madre Blvd. No. 327 Sierra Madre, Ca. 91024 Office: 626.355.2737 Fax: 626.609.3285 Email: editor@mtnviewsnews.com Website: www.mtnviewsnews.com
